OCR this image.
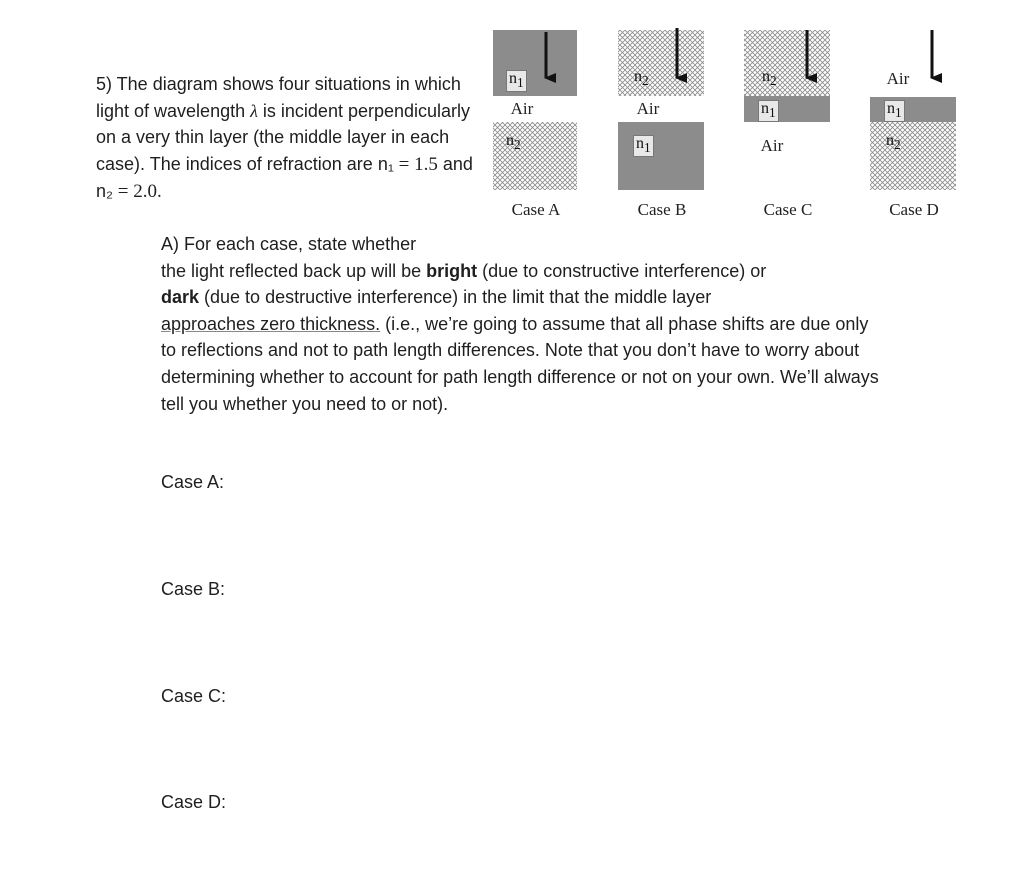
5) The diagram shows four situations in which light of wavelength λ is incident perpendicularly on a very thin layer (the middle layer in each case). The indices of refraction are n₁ = 1.5 and n₂ = 2.0.
$n_1$
Air
$n_2$
$n_2$
Air
$n_1$
$n_2$
$n_1$
Air
Air
$n_1$
$n_2$
Case A	Case B	Case C	Case D
A) For each case, state whether
the light reflected back up will be bright (due to constructive interference) or
dark (due to destructive interference) in the limit that the middle layer
approaches zero thickness. (i.e., we’re going to assume that all phase shifts are due only to reflections and not to path length differences. Note that you don’t have to worry about determining whether to account for path length difference or not on your own. We’ll always tell you whether you need to or not).
Case A:
Case B:
Case C:
Case D:
